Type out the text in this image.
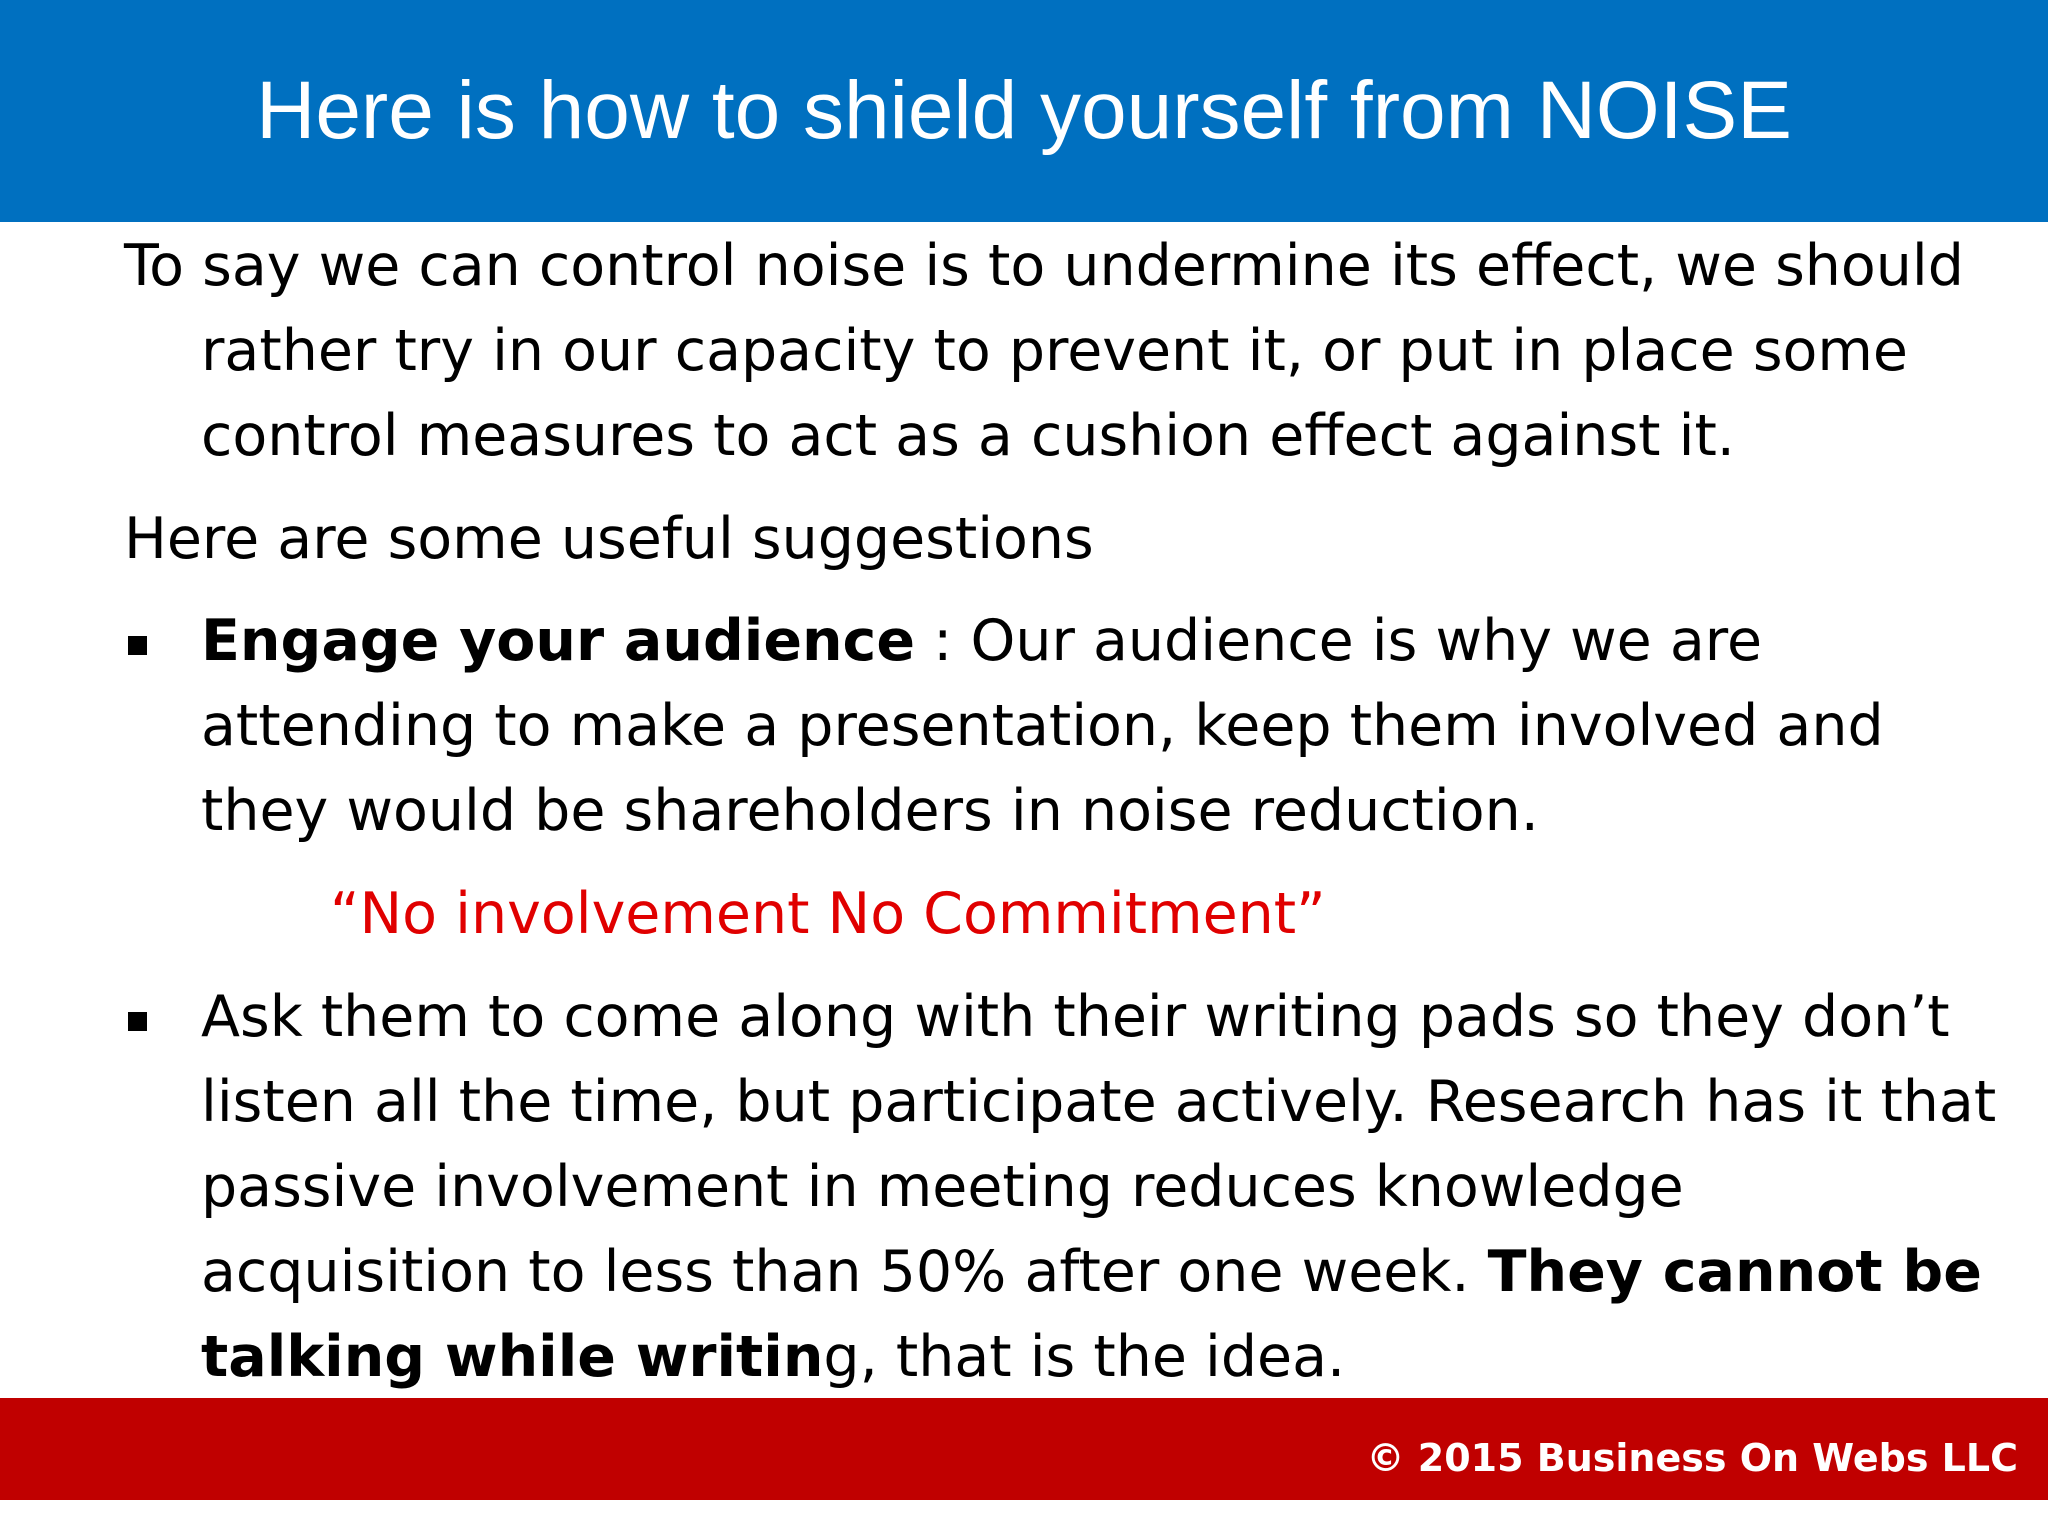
Here is how to shield yourself from NOISE

To say we can control noise is to undermine its effect, we should rather try in our capacity to prevent it, or put in place some control measures to act as a cushion effect against it.

Here are some useful suggestions

Engage your audience : Our audience is why we are attending to make a presentation, keep them involved and they would be shareholders in noise reduction.
“No involvement No Commitment”
Ask them to come along with their writing pads so they don’t listen all the time, but participate actively. Research has it that passive involvement in meeting reduces knowledge acquisition to less than 50% after one week. They cannot be talking while writing, that is the idea.
© 2015 Business On Webs LLC
